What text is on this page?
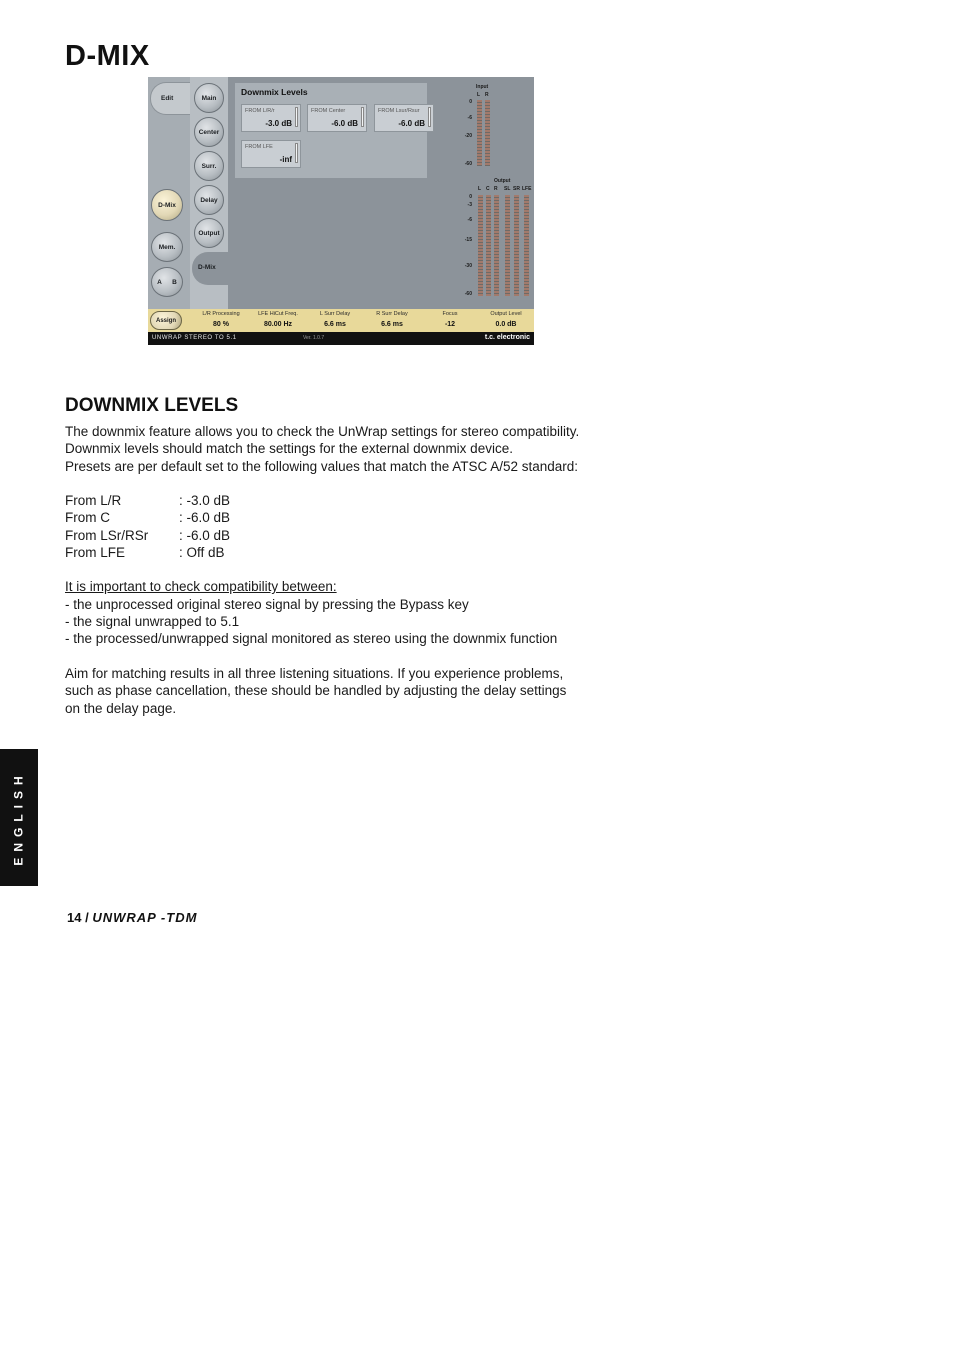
D-MIX
Edit
D-Mix
Mem.
A B
Main
Center
Surr.
Delay
Output
D-Mix
Downmix Levels
FROM L/R/r
-3.0 dB
FROM Center
-6.0 dB
FROM Lsur/Rsur
-6.0 dB
FROM LFE
-inf
Input
L R
0
-6
-20
-60
Output
L C R SL SR LFE
0
-3
-6
-15
-30
-60
Assign
L/R Processing
80 %
LFE HiCut Freq.
80.00 Hz
L Surr Delay
6.6 ms
R Surr Delay
6.6 ms
Focus
-12
Output Level
0.0 dB
UNWRAP STEREO TO 5.1	Ver. 1.0.7	t.c. electronic
DOWNMIX LEVELS
The downmix feature allows you to check the UnWrap settings for stereo compatibility.
Downmix levels should match the settings for the external downmix device.
Presets are per default set to the following values that match the ATSC A/52 standard:
From L/R	: -3.0 dB
From C	: -6.0 dB
From LSr/RSr : -6.0 dB
From LFE	: Off dB
It is important to check compatibility between:
- the unprocessed original stereo signal by pressing the Bypass key
- the signal unwrapped to 5.1
- the processed/unwrapped signal monitored as stereo using the downmix function
Aim for matching results in all three listening situations. If you experience problems,
such as phase cancellation, these should be handled by adjusting the delay settings
on the delay page.
ENGLISH
14 / UNWRAP -TDM
